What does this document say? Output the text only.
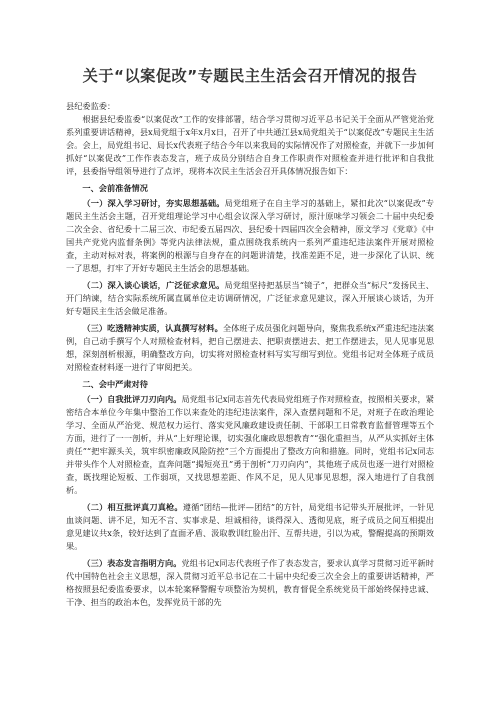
关于“以案促改”专题民主生活会召开情况的报告

县纪委监委：

根据县纪委监委“以案促改”工作的安排部署，结合学习贯彻习近平总书记关于全面从严管党治党系列重要讲话精神，县x局党组于x年x月x日，召开了中共通江县x局党组关于“以案促改”专题民主生活会。会上，局党组书记、局长x代表班子结合今年以来我局的实际情况作了对照检查，并就下一步加何抓好“以案促改”工作作表态发言，班子成员分别结合自身工作职责作对照检查并进行批评和自我批评，县委指导组领导进行了点评，现将本次民主生活会召开具体情况报告如下：

一、会前准备情况

（一）深入学习研讨，夯实思想基础。局党组班子在自主学习的基础上，紧扣此次“以案促改”专题民主生活会主题，召开党组理论学习中心组会议深入学习研讨，原汁原味学习领会二十届中央纪委二次全会、省纪委十二届三次、市纪委五届四次、县纪委十四届四次全会精神，原文学习《党章》《中国共产党党内监督条例》等党内法律法规，重点围绕我系统内一系列严重违纪违法案件开展对照检查，主动对标对表，将案例的根源与自身存在的问题讲清楚，找准差距不足，进一步深化了认识、统一了思想，打牢了开好专题民主生活会的思想基础。

（二）深入谈心谈话，广泛征求意见。局党组坚持把基层当“镜子”，把群众当“标尺”发扬民主、开门纳谏，结合实际系统所属直属单位走访调研情况，广泛征求意见建议，深入开展谈心谈话，为开好专题民主生活会做足准备。

（三）吃透精神实质，认真撰写材料。全体班子成员强化问题导向，聚焦我系统x严重违纪违法案例，自己动手撰写个人对照检查材料，把自己摆进去、把职责摆进去、把工作摆进去，见人见事见思想，深刻剖析根源，明确整改方向，切实将对照检查材料写实写细写到位。党组书记对全体班子成员对照检查材料逐一进行了审阅把关。

二、会中严肃对待

（一）自我批评刀刃向内。局党组书记x同志首先代表局党组班子作对照检查，按照相关要求，紧密结合本单位今年集中整治工作以来查处的违纪违法案件，深入查摆问题和不足，对班子在政治理论学习、全面从严治党、规范权力运行、落实党风廉政建设责任制、干部职工日常教育监督管理等五个方面，进行了一一剖析，并从“上好理论课，切实强化廉政思想教育”“强化重担当，从严从实抓好主体责任”“把牢源头关，筑牢织密廉政风险防控”三个方面提出了整改方向和措施。同时，党组书记x同志并带头作个人对照检查，直奔问题“揭短亮丑”勇于剖析“刀刃向内”，其他班子成员也逐一进行对照检查，既找理论短板、工作弱项，又找思想差距、作风不足，见人见事见思想，深入地进行了自我剖析。

（二）相互批评真刀真枪。遵循“团结—批评—团结”的方针，局党组书记带头开展批评，一针见血谈问题、讲不足，知无不言、实事求是、坦诚相待，谈得深入、透彻见底，班子成员之间互相提出意见建议共x条，较好达到了直面矛盾、汲取教训红脸出汗、互帮共进，引以为戒，警醒提高的预期效果。

（三）表态发言指明方向。党组书记x同志代表班子作了表态发言，要求认真学习贯彻习近平新时代中国特色社会主义思想，深入贯彻习近平总书记在二十届中央纪委三次全会上的重要讲话精神，严格按照县纪委监委要求，以本轮案释警醒专项整治为契机，教育督促全系统党员干部始终保持忠诚、干净、担当的政治本色，发挥党员干部的先
